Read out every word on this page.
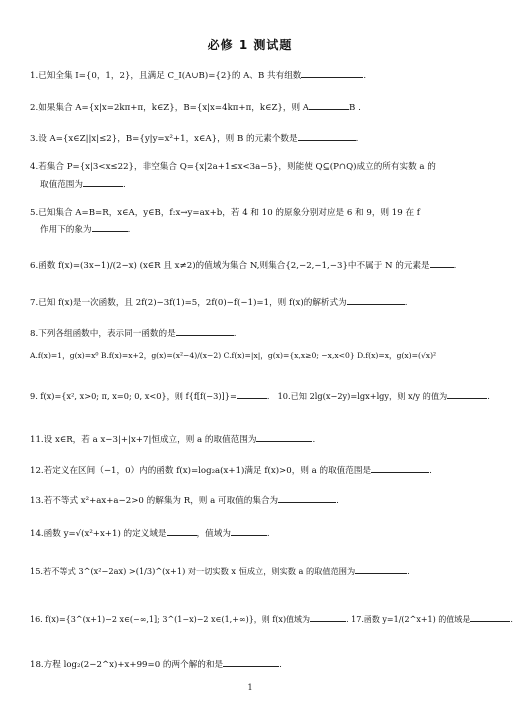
必修 1 测试题
1.已知全集 I={0，1，2}，且满足 C_I(A∪B)={2}的 A、B 共有组数	.
2.如果集合 A={x|x=2kπ+π，k∈Z}，B={x|x=4kπ+π，k∈Z}，则 A	B .
3.设 A={x∈Z||x|≤2}，B={y|y=x²+1，x∈A}，则 B 的元素个数是	.
4.若集合 P={x|3<x≤22}，非空集合 Q={x|2a+1≤x<3a−5}，则能使 Q⊆(P∩Q)成立的所有实数 a 的
取值范围为	.
5.已知集合 A=B=R，x∈A，y∈B，f:x→y=ax+b，若 4 和 10 的原象分别对应是 6 和 9，则 19 在 f
作用下的象为	.
6.函数 f(x)=(3x−1)/(2−x) (x∈R 且 x≠2)的值域为集合 N,则集合{2,−2,−1,−3}中不属于 N 的元素是	.
7.已知 f(x)是一次函数，且 2f(2)−3f(1)=5，2f(0)−f(−1)=1，则 f(x)的解析式为	.
8.下列各组函数中，表示同一函数的是	.
A.f(x)=1，g(x)=x⁰ B.f(x)=x+2，g(x)=(x²−4)/(x−2) C.f(x)=|x|，g(x)={x,x≥0; −x,x<0} D.f(x)=x，g(x)=(√x)²
9. f(x)={x², x>0; π, x=0; 0, x<0}，则 f{f[f(−3)]}=	． 10.已知 2lg(x−2y)=lgx+lgy，则 x/y 的值为	.
11.设 x∈R，若 a x−3|+|x+7|恒成立，则 a 的取值范围为	.
12.若定义在区间（−1，0）内的函数 f(x)=log₂a(x+1)满足 f(x)>0，则 a 的取值范围是	.
13.若不等式 x²+ax+a−2>0 的解集为 R，则 a 可取值的集合为	.
14.函数 y=√(x²+x+1) 的定义域是	，值域为	.
15.若不等式 3^(x²−2ax) >(1/3)^(x+1) 对一切实数 x 恒成立，则实数 a 的取值范围为	.
16. f(x)={3^(x+1)−2 x∈(−∞,1]; 3^(1−x)−2 x∈(1,+∞)}，则 f(x)值域为	. 17.函数 y=1/(2^x+1) 的值域是	.
18.方程 log₂(2−2^x)+x+99=0 的两个解的和是	.
1
